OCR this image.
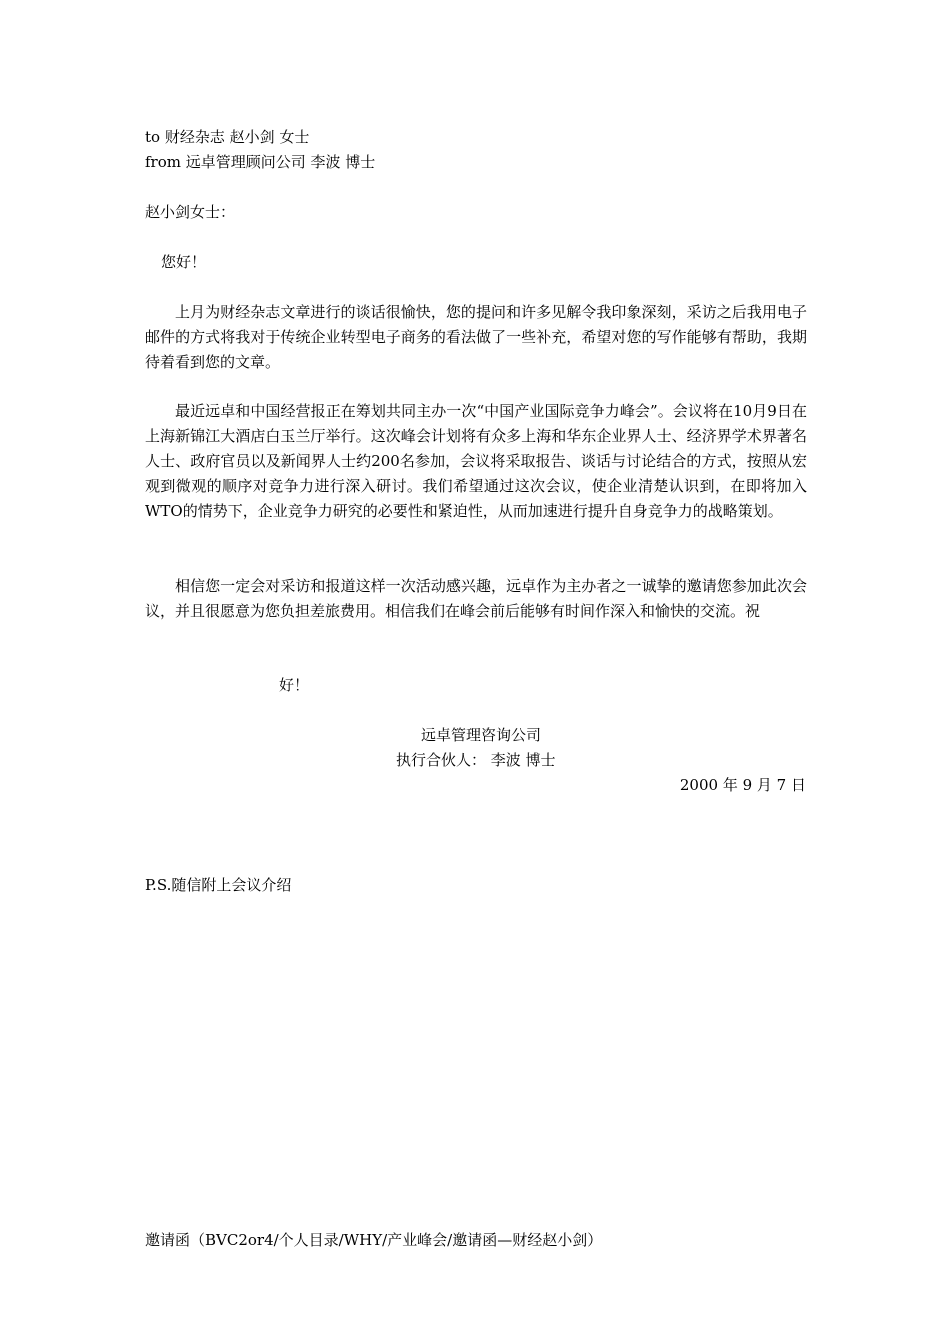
to 财经杂志 赵小剑 女士
from 远卓管理顾问公司 李波 博士
赵小剑女士：
您好！

上月为财经杂志文章进行的谈话很愉快，您的提问和许多见解令我印象深刻，采访之后我用电子邮件的方式将我对于传统企业转型电子商务的看法做了一些补充，希望对您的写作能够有帮助，我期待着看到您的文章。

最近远卓和中国经营报正在筹划共同主办一次“中国产业国际竞争力峰会”。会议将在10月9日在上海新锦江大酒店白玉兰厅举行。这次峰会计划将有众多上海和华东企业界人士、经济界学术界著名人士、政府官员以及新闻界人士约200名参加，会议将采取报告、谈话与讨论结合的方式，按照从宏观到微观的顺序对竞争力进行深入研讨。我们希望通过这次会议，使企业清楚认识到，在即将加入WTO的情势下，企业竞争力研究的必要性和紧迫性，从而加速进行提升自身竞争力的战略策划。

相信您一定会对采访和报道这样一次活动感兴趣，远卓作为主办者之一诚挚的邀请您参加此次会议，并且很愿意为您负担差旅费用。相信我们在峰会前后能够有时间作深入和愉快的交流。祝

好！
远卓管理咨询公司
执行合伙人： 李波 博士
2000 年 9 月 7 日
P.S.随信附上会议介绍
邀请函（BVC2or4/个人目录/WHY/产业峰会/邀请函—财经赵小剑）
